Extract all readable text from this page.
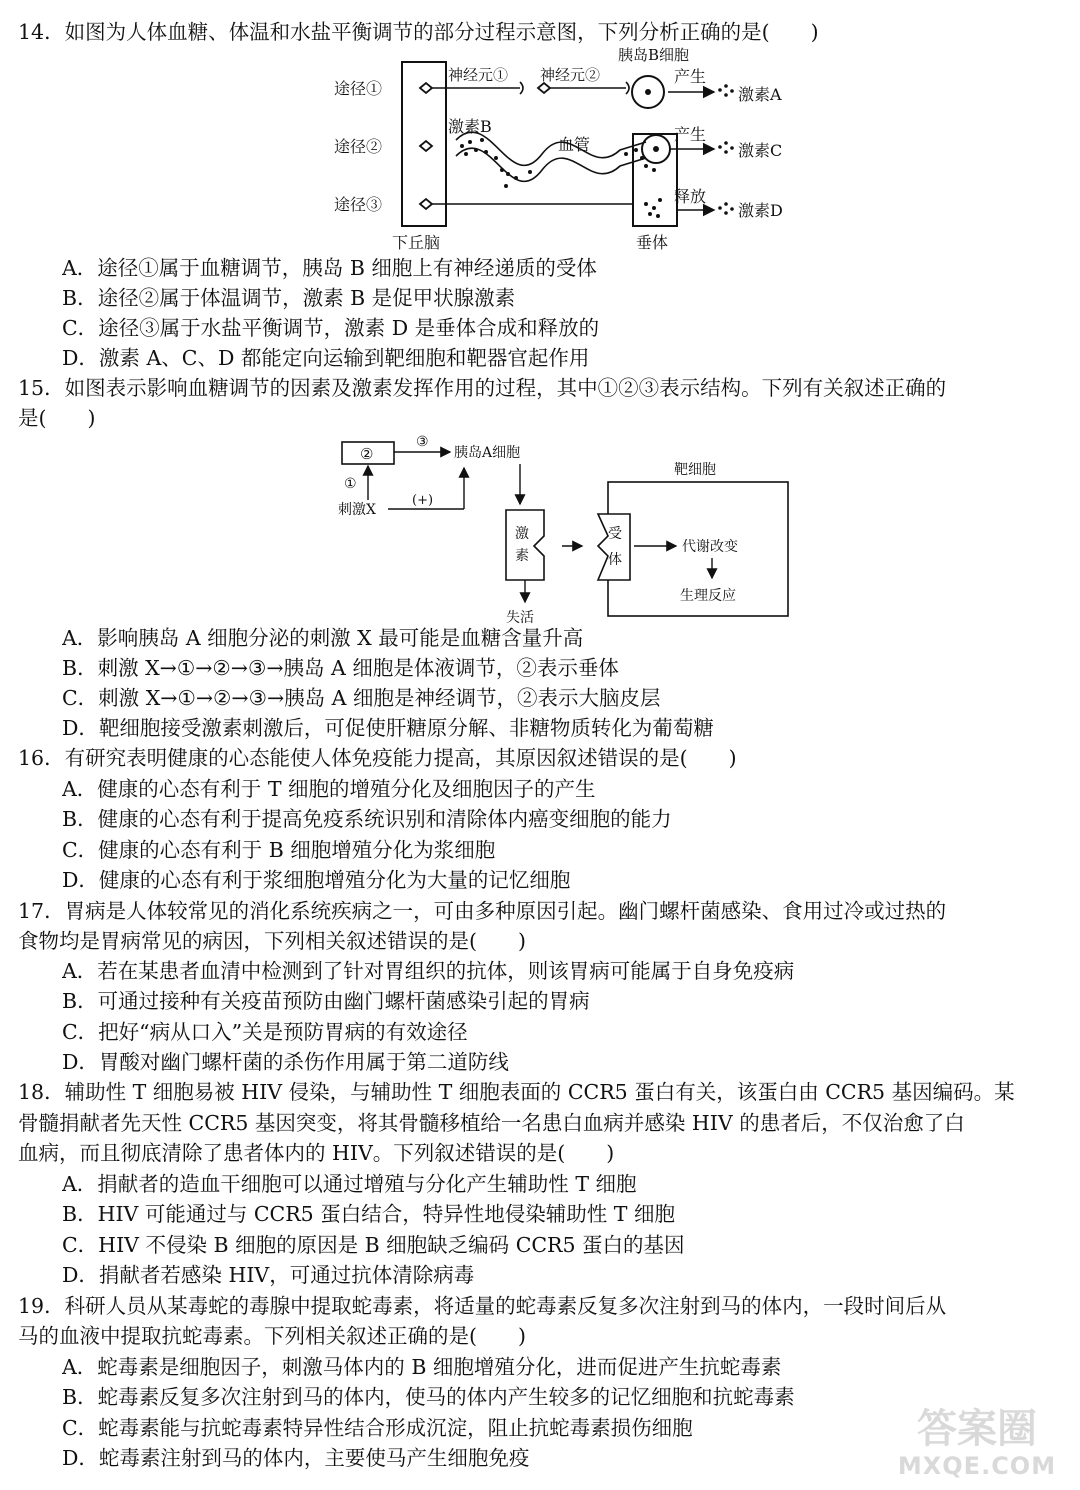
14．如图为人体血糖、体温和水盐平衡调节的部分过程示意图，下列分析正确的是(　　)
途径①
途径②
途径③
神经元① 神经元②
胰岛B细胞
产生
激素A
激素B
血管
产生
激素C
释放
激素D
下丘脑	垂体
A．途径①属于血糖调节，胰岛 B 细胞上有神经递质的受体
B．途径②属于体温调节，激素 B 是促甲状腺激素
C．途径③属于水盐平衡调节，激素 D 是垂体合成和释放的
D．激素 A、C、D 都能定向运输到靶细胞和靶器官起作用
15．如图表示影响血糖调节的因素及激素发挥作用的过程，其中①②③表示结构。下列有关叙述正确的
是(　　)
②
③
胰岛A细胞
①
刺激X
(+)
激
素
失活
靶细胞
受
体
代谢改变
生理反应
A．影响胰岛 A 细胞分泌的刺激 X 最可能是血糖含量升高
B．刺激 X→①→②→③→胰岛 A 细胞是体液调节，②表示垂体
C．刺激 X→①→②→③→胰岛 A 细胞是神经调节，②表示大脑皮层
D．靶细胞接受激素刺激后，可促使肝糖原分解、非糖物质转化为葡萄糖
16．有研究表明健康的心态能使人体免疫能力提高，其原因叙述错误的是(　　)
A．健康的心态有利于 T 细胞的增殖分化及细胞因子的产生
B．健康的心态有利于提高免疫系统识别和清除体内癌变细胞的能力
C．健康的心态有利于 B 细胞增殖分化为浆细胞
D．健康的心态有利于浆细胞增殖分化为大量的记忆细胞
17．胃病是人体较常见的消化系统疾病之一，可由多种原因引起。幽门螺杆菌感染、食用过冷或过热的
食物均是胃病常见的病因，下列相关叙述错误的是(　　)
A．若在某患者血清中检测到了针对胃组织的抗体，则该胃病可能属于自身免疫病
B．可通过接种有关疫苗预防由幽门螺杆菌感染引起的胃病
C．把好“病从口入”关是预防胃病的有效途径
D．胃酸对幽门螺杆菌的杀伤作用属于第二道防线
18．辅助性 T 细胞易被 HIV 侵染，与辅助性 T 细胞表面的 CCR5 蛋白有关，该蛋白由 CCR5 基因编码。某
骨髓捐献者先天性 CCR5 基因突变，将其骨髓移植给一名患白血病并感染 HIV 的患者后，不仅治愈了白
血病，而且彻底清除了患者体内的 HIV。下列叙述错误的是(　　)
A．捐献者的造血干细胞可以通过增殖与分化产生辅助性 T 细胞
B．HIV 可能通过与 CCR5 蛋白结合，特异性地侵染辅助性 T 细胞
C．HIV 不侵染 B 细胞的原因是 B 细胞缺乏编码 CCR5 蛋白的基因
D．捐献者若感染 HIV，可通过抗体清除病毒
19．科研人员从某毒蛇的毒腺中提取蛇毒素，将适量的蛇毒素反复多次注射到马的体内，一段时间后从
马的血液中提取抗蛇毒素。下列相关叙述正确的是(　　)
A．蛇毒素是细胞因子，刺激马体内的 B 细胞增殖分化，进而促进产生抗蛇毒素
B．蛇毒素反复多次注射到马的体内，使马的体内产生较多的记忆细胞和抗蛇毒素
C．蛇毒素能与抗蛇毒素特异性结合形成沉淀，阻止抗蛇毒素损伤细胞
D．蛇毒素注射到马的体内，主要使马产生细胞免疫
答案圈
MXQE.COM
